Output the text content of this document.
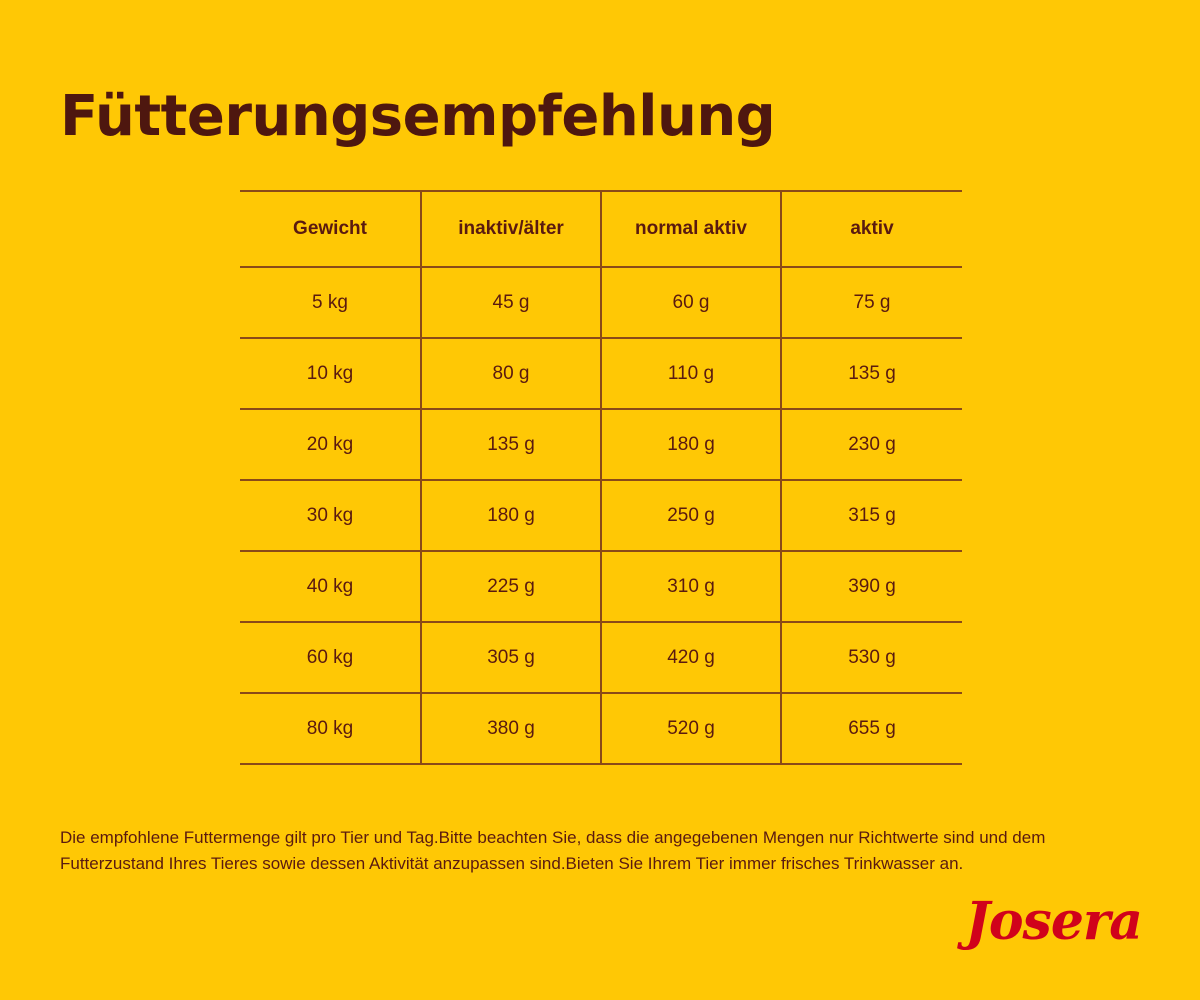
Fütterungsempfehlung
Gewicht	inaktiv/älter	normal aktiv	aktiv
5 kg	45 g	60 g	75 g
10 kg	80 g	110 g	135 g
20 kg	135 g	180 g	230 g
30 kg	180 g	250 g	315 g
40 kg	225 g	310 g	390 g
60 kg	305 g	420 g	530 g
80 kg	380 g	520 g	655 g

Die empfohlene Futtermenge gilt pro Tier und Tag.Bitte beachten Sie, dass die angegebenen Mengen nur Richtwerte sind und dem Futterzustand Ihres Tieres sowie dessen Aktivität anzupassen sind.Bieten Sie Ihrem Tier immer frisches Trinkwasser an.

Josera
